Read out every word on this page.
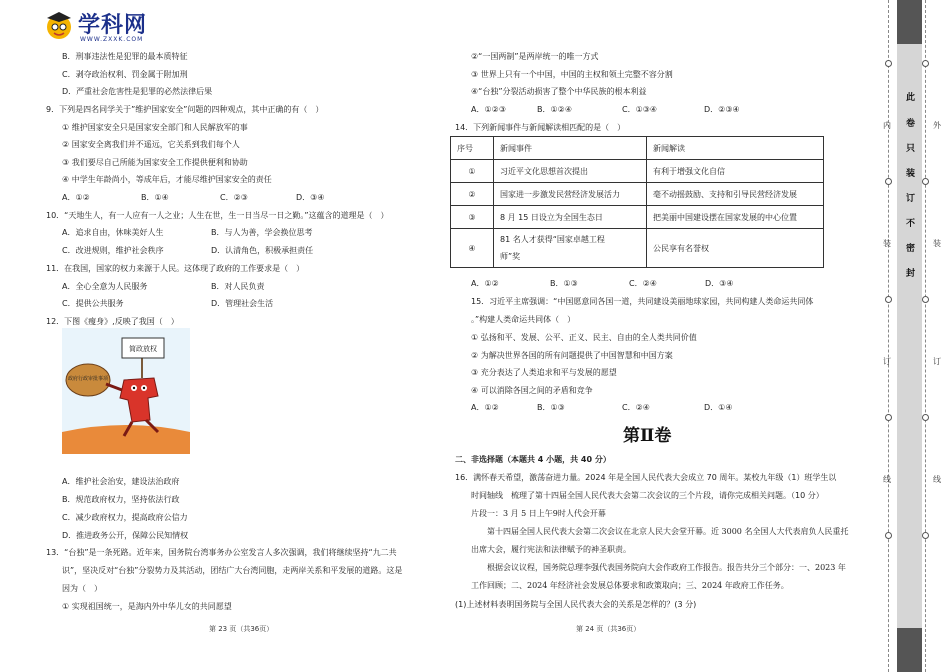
学科网
WWW.ZXXK.COM
B．刑事违法性是犯罪的最本质特征
C．剥夺政治权利、罚金属于附加刑
D．严重社会危害性是犯罪的必然法律后果
9．下列是四名同学关于”维护国家安全”问题的四种观点，其中正确的有（　）
① 维护国家安全只是国家安全部门和人民解放军的事
② 国家安全离我们并不遥远，它关系到我们每个人
③ 我们要尽自己所能为国家安全工作提供便利和协助
④ 中学生年龄尚小，等成年后，才能尽维护国家安全的责任
A．①②	B．①④	C．②③	D．③④
10．“天地生人，有一人应有一人之业；人生在世，生一日当尽一日之勤。”这蕴含的道理是（　）
A．追求自由，休味美好人生	B．与人为善，学会换位思考
C．改进规则，维护社会秩序	D．认清角色，积极承担责任
11．在我国，国家的权力来源于人民。这体现了政府的工作要求是（　）
A．全心全意为人民服务	B．对人民负责
C．提供公共服务	D．管理社会生活
12．下图《瘦身》,反映了我国（　）
简政放权
政府行政审批事项
A．维护社会治安，建设法治政府
B．规范政府权力，坚持依法行政
C．减少政府权力，提高政府公信力
D．推进政务公开，保障公民知情权
13．“台独”是一条死路。近年来，国务院台湾事务办公室发言人多次强调，我们将继续坚持“九二共
识”，坚决反对“台独”分裂势力及其活动，团结广大台湾同胞，走两岸关系和平发展的道路。这是
因为（　）
① 实现祖国统一，是海内外中华儿女的共同愿望
第 23 页（共36页）
②“一国两制”是两岸统一的唯一方式
③ 世界上只有一个中国，中国的主权和领土完整不容分割
④“台独”分裂活动损害了整个中华民族的根本利益
A．①②③	B．①②④	C．①③④	D．②③④
14．下列新闻事件与新闻解读相匹配的是（　）
序号	新闻事件	新闻解读
①	习近平文化思想首次提出	有利于增强文化自信
②	国家进一步激发民营经济发展活力	毫不动摇鼓励、支持和引导民营经济发展
③	8 月 15 日设立为全国生态日	把美丽中国建设摆在国家发展的中心位置
④	81 名人才获得“国家卓越工程
师”奖	公民享有名誉权
A．①②	B．①③	C．②④	D．③④
15．习近平主席强调：“中国愿意同各国一道，共同建设美丽地球家园，共同构建人类命运共同体
。”构建人类命运共同体（　）
① 弘扬和平、发展、公平、正义、民主、自由的全人类共同价值
② 为解决世界各国的所有问题提供了中国智慧和中国方案
③ 充分表达了人类追求和平与发展的愿望
④ 可以消除各国之间的矛盾和竞争
A．①②	B．①③	C．②④	D．①④
第Ⅱ卷
二、非选择题（本题共 4 小题，共 40 分）
16．满怀春天希望，激荡奋进力量。2024 年是全国人民代表大会成立 70 周年。某校九年级（1）班学生以
时间轴线　梳理了第十四届全国人民代表大会第二次会议的三个片段，请你完成相关问题。（10 分）
片段一：3 月 5 日上午9时人代会开幕
第十四届全国人民代表大会第二次会议在北京人民大会堂开幕。近 3000 名全国人大代表肩负人民重托
出席大会，履行宪法和法律赋予的神圣职责。
根据会议议程，国务院总理李强代表国务院向大会作政府工作报告。报告共分三个部分：一、2023 年
工作回顾；二、2024 年经济社会发展总体要求和政策取向；三、2024 年政府工作任务。
(1)上述材料表明国务院与全国人民代表大会的关系是怎样的？(3 分)
第 24 页（共36页）
内
装
订
线
此
卷
只
装
订
不
密
封
外
装
订
线
